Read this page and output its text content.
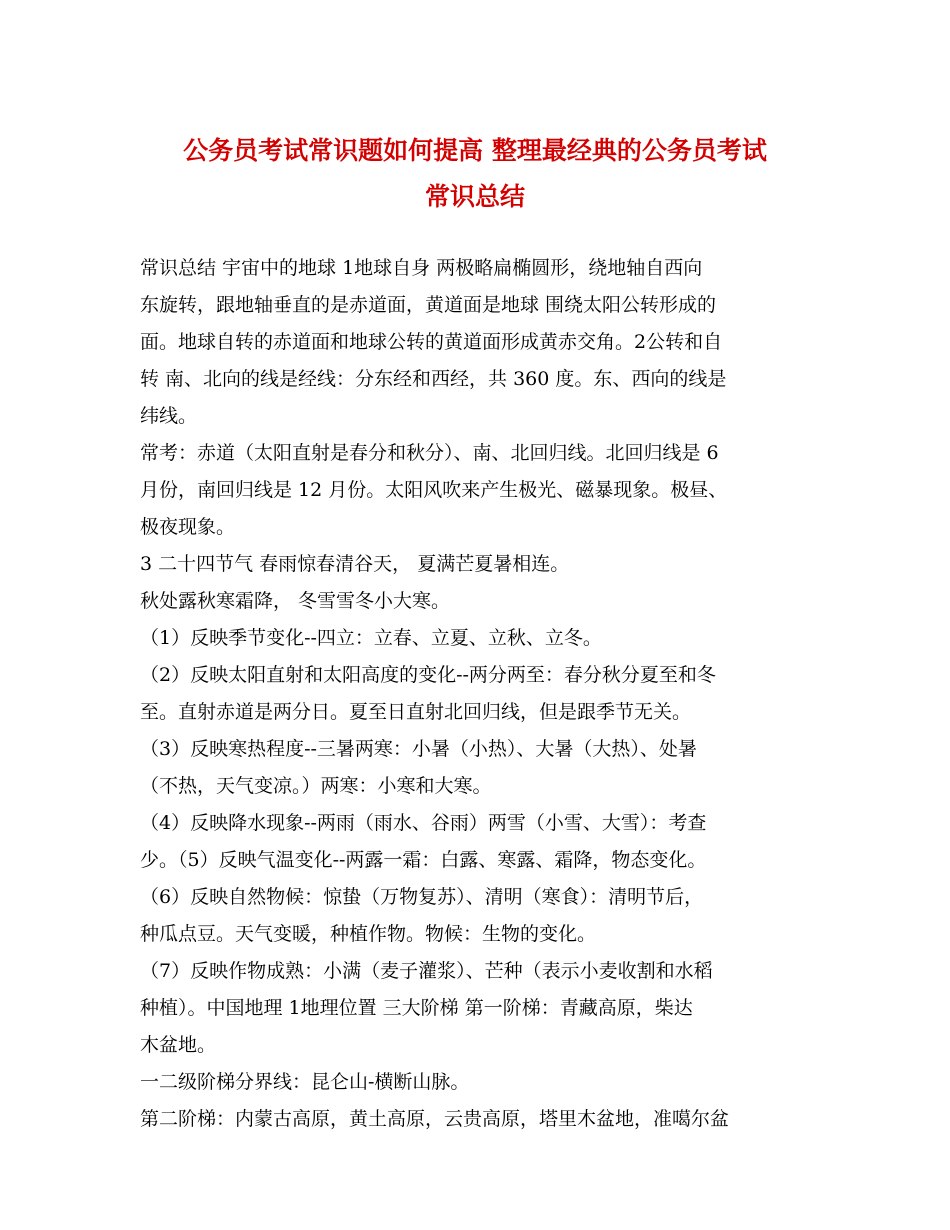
公务员考试常识题如何提高 整理最经典的公务员考试
常识总结
常识总结 宇宙中的地球 1地球自身 两极略扁椭圆形，绕地轴自西向
东旋转，跟地轴垂直的是赤道面，黄道面是地球 围绕太阳公转形成的
面。地球自转的赤道面和地球公转的黄道面形成黄赤交角。2公转和自
转 南、北向的线是经线：分东经和西经，共 360 度。东、西向的线是
纬线。
常考：赤道（太阳直射是春分和秋分）、南、北回归线。北回归线是 6
月份，南回归线是 12 月份。太阳风吹来产生极光、磁暴现象。极昼、
极夜现象。
3 二十四节气 春雨惊春清谷天， 夏满芒夏暑相连。
秋处露秋寒霜降， 冬雪雪冬小大寒。
（1）反映季节变化--四立：立春、立夏、立秋、立冬。
（2）反映太阳直射和太阳高度的变化--两分两至：春分秋分夏至和冬
至。直射赤道是两分日。夏至日直射北回归线，但是跟季节无关。
（3）反映寒热程度--三暑两寒：小暑（小热）、大暑（大热）、处暑
（不热，天气变凉。）两寒：小寒和大寒。
（4）反映降水现象--两雨（雨水、谷雨）两雪（小雪、大雪）：考查
少。（5）反映气温变化--两露一霜：白露、寒露、霜降，物态变化。
（6）反映自然物候：惊蛰（万物复苏）、清明（寒食）：清明节后，
种瓜点豆。天气变暖，种植作物。物候：生物的变化。
（7）反映作物成熟：小满（麦子灌浆）、芒种（表示小麦收割和水稻
种植）。中国地理 1地理位置 三大阶梯 第一阶梯：青藏高原，柴达
木盆地。
一二级阶梯分界线：昆仑山-横断山脉。
第二阶梯：内蒙古高原，黄土高原，云贵高原，塔里木盆地，准噶尔盆
